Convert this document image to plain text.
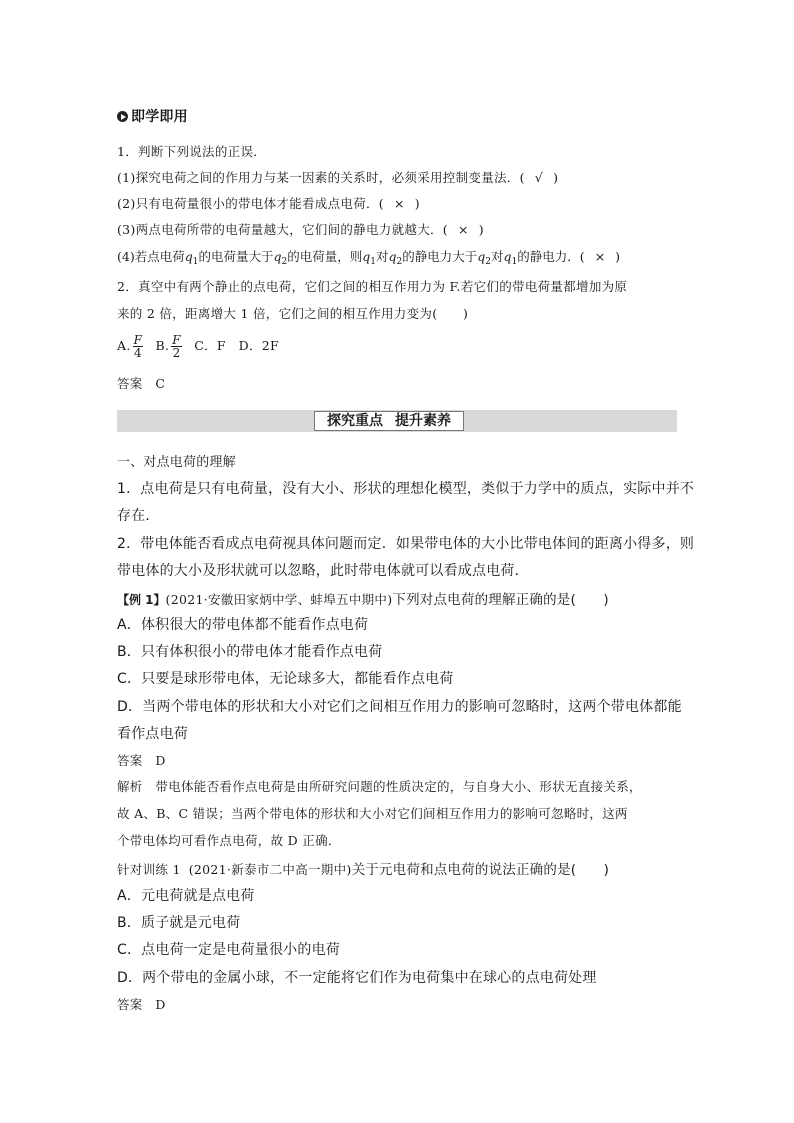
即学即用
1．判断下列说法的正误．
(1)探究电荷之间的作用力与某一因素的关系时，必须采用控制变量法．( √ )
(2)只有电荷量很小的带电体才能看成点电荷．( × )
(3)两点电荷所带的电荷量越大，它们间的静电力就越大．( × )
(4)若点电荷$q_1$的电荷量大于$q_2$的电荷量，则$q_1$对$q_2$的静电力大于$q_2$对$q_1$的静电力．( × )
2．真空中有两个静止的点电荷，它们之间的相互作用力为 F.若它们的带电荷量都增加为原
来的 2 倍，距离增大 1 倍，它们之间的相互作用力变为(　　)
A. $\frac{F}{4} B$. $\frac{F}{2}$ C．F　D．2F
答案　C
探究重点 提升素养
一、对点电荷的理解
1．点电荷是只有电荷量，没有大小、形状的理想化模型，类似于力学中的质点，实际中并不
存在．
2．带电体能否看成点电荷视具体问题而定．如果带电体的大小比带电体间的距离小得多，则
带电体的大小及形状就可以忽略，此时带电体就可以看成点电荷．
【例 1】(2021·安徽田家炳中学、蚌埠五中期中)下列对点电荷的理解正确的是(　　)
A．体积很大的带电体都不能看作点电荷
B．只有体积很小的带电体才能看作点电荷
C．只要是球形带电体，无论球多大，都能看作点电荷
D．当两个带电体的形状和大小对它们之间相互作用力的影响可忽略时，这两个带电体都能
看作点电荷
答案　D
解析　带电体能否看作点电荷是由所研究问题的性质决定的，与自身大小、形状无直接关系，
故 A、B、C 错误；当两个带电体的形状和大小对它们间相互作用力的影响可忽略时，这两
个带电体均可看作点电荷，故 D 正确．
针对训练 1 (2021·新泰市二中高一期中)关于元电荷和点电荷的说法正确的是(　　)
A．元电荷就是点电荷
B．质子就是元电荷
C．点电荷一定是电荷量很小的电荷
D．两个带电的金属小球，不一定能将它们作为电荷集中在球心的点电荷处理
答案　D
